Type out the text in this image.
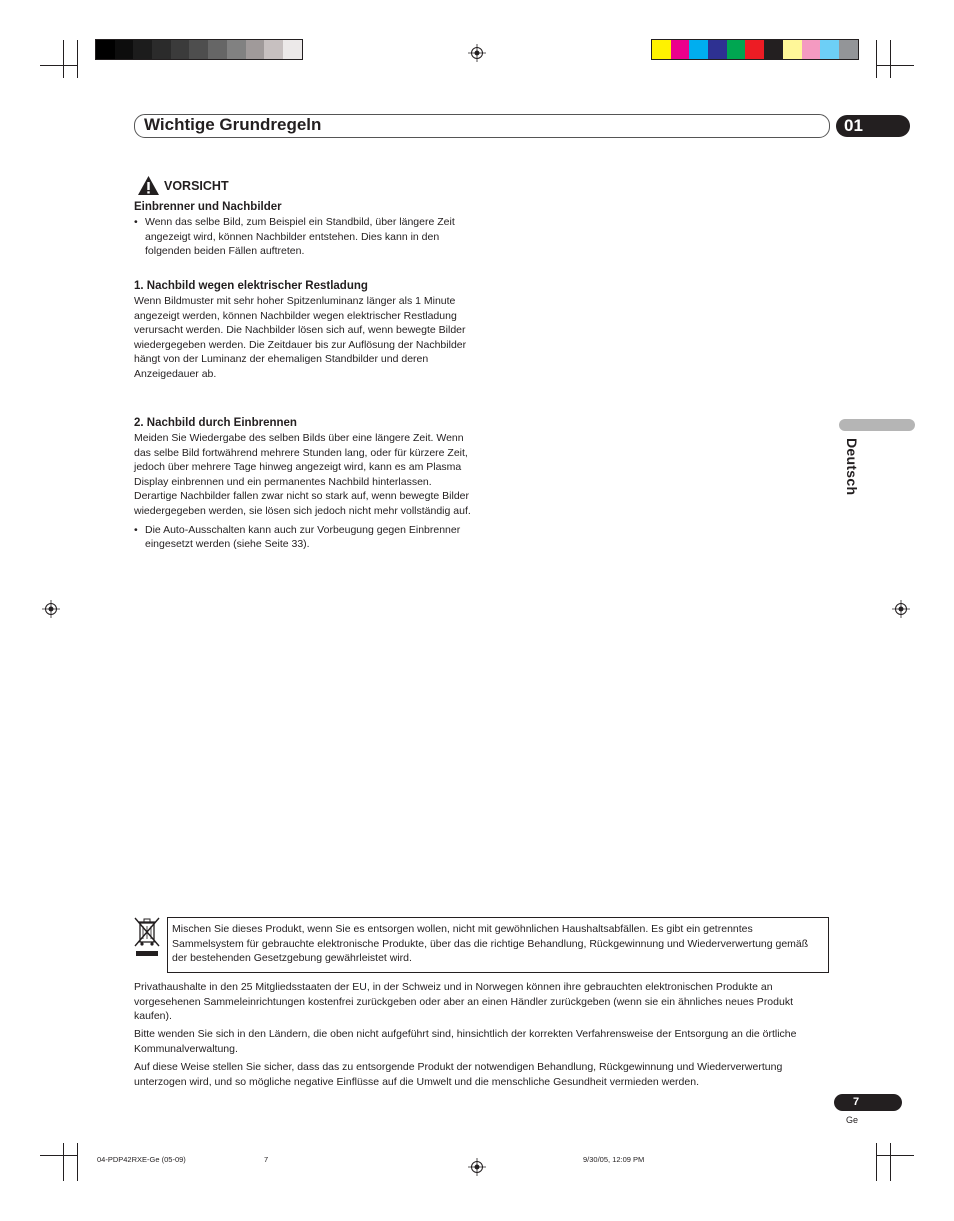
Wichtige Grundregeln	01
VORSICHT
Einbrenner und Nachbilder
• Wenn das selbe Bild, zum Beispiel ein Standbild, über längere Zeit angezeigt wird, können Nachbilder entstehen. Dies kann in den folgenden beiden Fällen auftreten.
1. Nachbild wegen elektrischer Restladung
Wenn Bildmuster mit sehr hoher Spitzenluminanz länger als 1 Minute angezeigt werden, können Nachbilder wegen elektrischer Restladung verursacht werden. Die Nachbilder lösen sich auf, wenn bewegte Bilder wiedergegeben werden. Die Zeitdauer bis zur Auflösung der Nachbilder hängt von der Luminanz der ehemaligen Standbilder und deren Anzeigedauer ab.
2. Nachbild durch Einbrennen
Meiden Sie Wiedergabe des selben Bilds über eine längere Zeit. Wenn das selbe Bild fortwährend mehrere Stunden lang, oder für kürzere Zeit, jedoch über mehrere Tage hinweg angezeigt wird, kann es am Plasma Display einbrennen und ein permanentes Nachbild hinterlassen. Derartige Nachbilder fallen zwar nicht so stark auf, wenn bewegte Bilder wiedergegeben werden, sie lösen sich jedoch nicht mehr vollständig auf.
• Die Auto-Ausschalten kann auch zur Vorbeugung gegen Einbrenner eingesetzt werden (siehe Seite 33).
Deutsch
Mischen Sie dieses Produkt, wenn Sie es entsorgen wollen, nicht mit gewöhnlichen Haushaltsabfällen. Es gibt ein getrenntes Sammelsystem für gebrauchte elektronische Produkte, über das die richtige Behandlung, Rückgewinnung und Wiederverwertung gemäß der bestehenden Gesetzgebung gewährleistet wird.
Privathaushalte in den 25 Mitgliedsstaaten der EU, in der Schweiz und in Norwegen können ihre gebrauchten elektronischen Produkte an vorgesehenen Sammeleinrichtungen kostenfrei zurückgeben oder aber an einen Händler zurückgeben (wenn sie ein ähnliches neues Produkt kaufen).
Bitte wenden Sie sich in den Ländern, die oben nicht aufgeführt sind, hinsichtlich der korrekten Verfahrensweise der Entsorgung an die örtliche Kommunalverwaltung.
Auf diese Weise stellen Sie sicher, dass das zu entsorgende Produkt der notwendigen Behandlung, Rückgewinnung und Wiederverwertung unterzogen wird, und so mögliche negative Einflüsse auf die Umwelt und die menschliche Gesundheit vermieden werden.
7
Ge
04-PDP42RXE-Ge (05-09)	7	9/30/05, 12:09 PM
